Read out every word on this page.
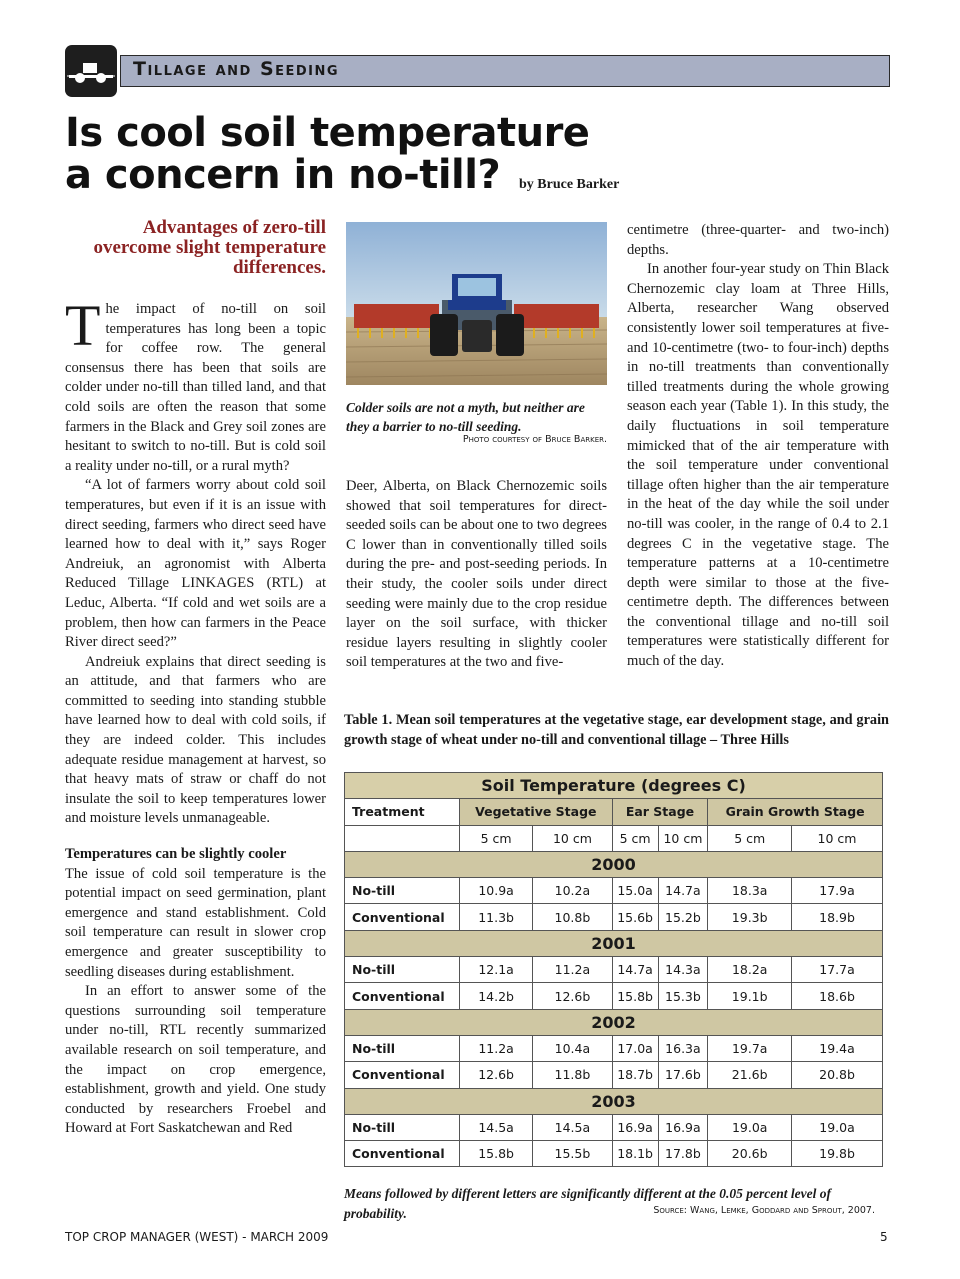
Tillage and Seeding
Is cool soil temperature
a concern in no-till?	by Bruce Barker
Advantages of zero-till overcome slight temperature differences.

The impact of no-till on soil temperatures has long been a topic for coffee row. The general consensus there has been that soils are colder under no-till than tilled land, and that cold soils are often the reason that some farmers in the Black and Grey soil zones are hesitant to switch to no-till. But is cold soil a reality under no-till, or a rural myth?

“A lot of farmers worry about cold soil temperatures, but even if it is an issue with direct seeding, farmers who direct seed have learned how to deal with it,” says Roger Andreiuk, an agronomist with Alberta Reduced Tillage LINKAGES (RTL) at Leduc, Alberta. “If cold and wet soils are a problem, then how can farmers in the Peace River direct seed?”

Andreiuk explains that direct seeding is an attitude, and that farmers who are committed to seeding into standing stubble have learned how to deal with cold soils, if they are indeed colder. This includes adequate residue management at harvest, so that heavy mats of straw or chaff do not insulate the soil to keep temperatures lower and moisture levels unmanageable.

Temperatures can be slightly cooler

The issue of cold soil temperature is the potential impact on seed germination, plant emergence and stand establishment. Cold soil temperature can result in slower crop emergence and greater susceptibility to seedling diseases during establishment.

In an effort to answer some of the questions surrounding soil temperature under no-till, RTL recently summarized available research on soil temperature, and the impact on crop emergence, establishment, growth and yield. One study conducted by researchers Froebel and Howard at Fort Saskatchewan and Red

Colder soils are not a myth, but neither are they a barrier to no-till seeding.
Photo courtesy of Bruce Barker.

Deer, Alberta, on Black Chernozemic soils showed that soil temperatures for direct-seeded soils can be about one to two degrees C lower than in conventionally tilled soils during the pre- and post-seeding periods. In their study, the cooler soils under direct seeding were mainly due to the crop residue layer on the soil surface, with thicker residue layers resulting in slightly cooler soil temperatures at the two and five-

centimetre (three-quarter- and two-inch) depths.

In another four-year study on Thin Black Chernozemic clay loam at Three Hills, Alberta, researcher Wang observed consistently lower soil temperatures at five- and 10-centimetre (two- to four-inch) depths in no-till treatments than conventionally tilled treatments during the whole growing season each year (Table 1). In this study, the daily fluctuations in soil temperature mimicked that of the air temperature with the soil temperature under conventional tillage often higher than the air temperature in the heat of the day while the soil under no-till was cooler, in the range of 0.4 to 2.1 degrees C in the vegetative stage. The temperature patterns at a 10-centimetre depth were similar to those at the five-centimetre depth. The differences between the conventional tillage and no-till soil temperatures were statistically different for much of the day.

Table 1. Mean soil temperatures at the vegetative stage, ear development stage, and grain growth stage of wheat under no-till and conventional tillage – Three Hills
Soil Temperature (degrees C)						
Treatment	Vegetative Stage		Ear Stage		Grain Growth Stage	
	5 cm	10 cm	5 cm	10 cm	5 cm	10 cm
2000						
No-till	10.9a	10.2a	15.0a	14.7a	18.3a	17.9a
Conventional	11.3b	10.8b	15.6b	15.2b	19.3b	18.9b
2001						
No-till	12.1a	11.2a	14.7a	14.3a	18.2a	17.7a
Conventional	14.2b	12.6b	15.8b	15.3b	19.1b	18.6b
2002						
No-till	11.2a	10.4a	17.0a	16.3a	19.7a	19.4a
Conventional	12.6b	11.8b	18.7b	17.6b	21.6b	20.8b
2003						
No-till	14.5a	14.5a	16.9a	16.9a	19.0a	19.0a
Conventional	15.8b	15.5b	18.1b	17.8b	20.6b	19.8b
Means followed by different letters are significantly different at the 0.05 percent level of probability.	Source: Wang, Lemke, Goddard and Sprout, 2007.
TOP CROP MANAGER (WEST) - MARCH 2009	5
